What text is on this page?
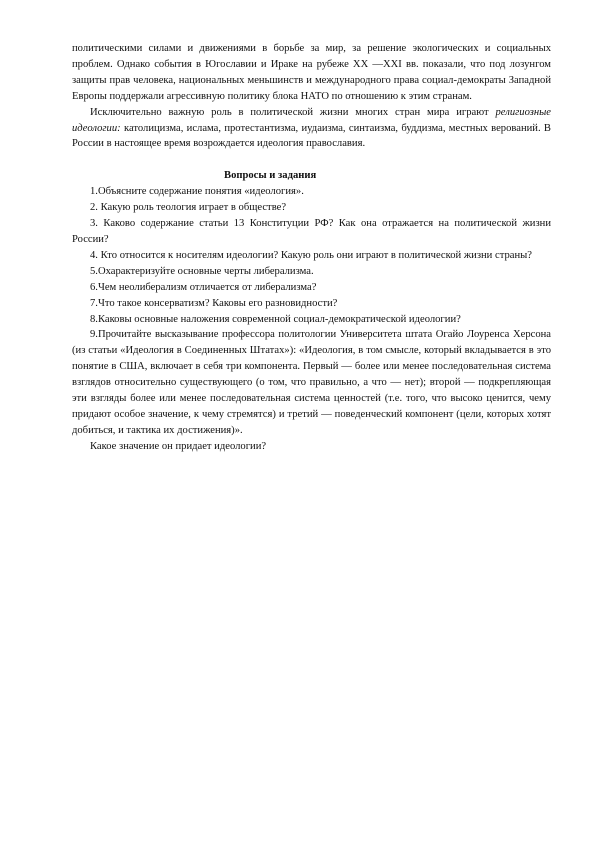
политическими силами и движениями в борьбе за мир, за решение экологических и социальных проблем. Однако события в Югославии и Ираке на рубеже XX —XXI вв. показали, что под лозунгом защиты прав человека, национальных меньшинств и международного права социал-демократы Западной Европы поддержали агрессивную политику блока НАТО по отношению к этим странам.

Исключительно важную роль в политической жизни многих стран мира играют религиозные идеологии: католицизма, ислама, протестантизма, иудаизма, синтаизма, буддизма, местных верований. В России в настоящее время возрождается идеология православия.

Вопросы и задания

1.Объясните содержание понятия «идеология».

2. Какую роль теология играет в обществе?

3. Каково содержание статьи 13 Конституции РФ? Как она отражается на политической жизни России?

4. Кто относится к носителям идеологии? Какую роль они играют в политической жизни страны?

5.Охарактеризуйте основные черты либерализма.

6.Чем неолиберализм отличается от либерализма?

7.Что такое консерватизм? Каковы его разновидности?

8.Каковы основные наложения современной социал-демократической идеологии?

9.Прочитайте высказывание профессора политологии Университета штата Огайо Лоуренса Херсона (из статьи «Идеология в Соединенных Штатах»): «Идеология, в том смысле, который вкладывается в это понятие в США, включает в себя три компонента. Первый — более или менее последовательная система взглядов относительно существующего (о том, что правильно, а что — нет); второй — подкрепляющая эти взгляды более или менее последовательная система ценностей (т.е. того, что высоко ценится, чему придают особое значение, к чему стремятся) и третий — поведенческий компонент (цели, которых хотят добиться, и тактика их достижения)».

Какое значение он придает идеологии?
